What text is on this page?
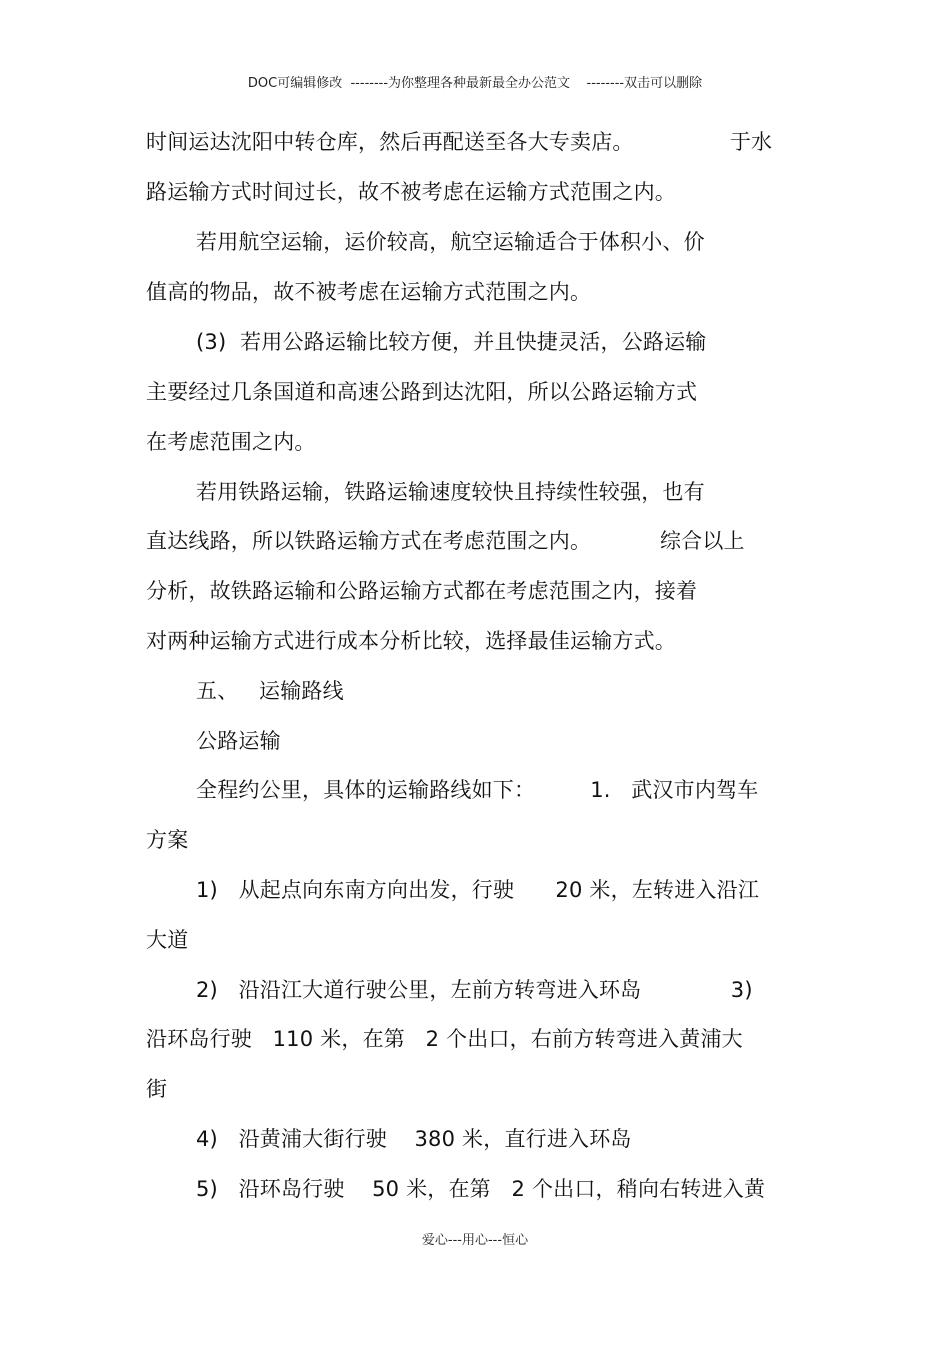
DOC可编辑修改  --------为你整理各种最新最全办公范文    --------双击可以删除
时间运达沈阳中转仓库，然后再配送至各大专卖店。              于水
路运输方式时间过长，故不被考虑在运输方式范围之内。
若用航空运输，运价较高，航空运输适合于体积小、价
值高的物品，故不被考虑在运输方式范围之内。
(3)  若用公路运输比较方便，并且快捷灵活，公路运输
主要经过几条国道和高速公路到达沈阳，所以公路运输方式
在考虑范围之内。
若用铁路运输，铁路运输速度较快且持续性较强，也有
直达线路，所以铁路运输方式在考虑范围之内。          综合以上
分析，故铁路运输和公路运输方式都在考虑范围之内，接着
对两种运输方式进行成本分析比较，选择最佳运输方式。
五、   运输路线
公路运输
全程约公里，具体的运输路线如下：        1.   武汉市内驾车
方案
1)   从起点向东南方向出发，行驶      20 米，左转进入沿江
大道
2)   沿沿江大道行驶公里，左前方转弯进入环岛             3)
沿环岛行驶   110 米，在第   2 个出口，右前方转弯进入黄浦大
街
4)   沿黄浦大街行驶    380 米，直行进入环岛
5)   沿环岛行驶    50 米，在第   2 个出口，稍向右转进入黄
爱心---用心---恒心
